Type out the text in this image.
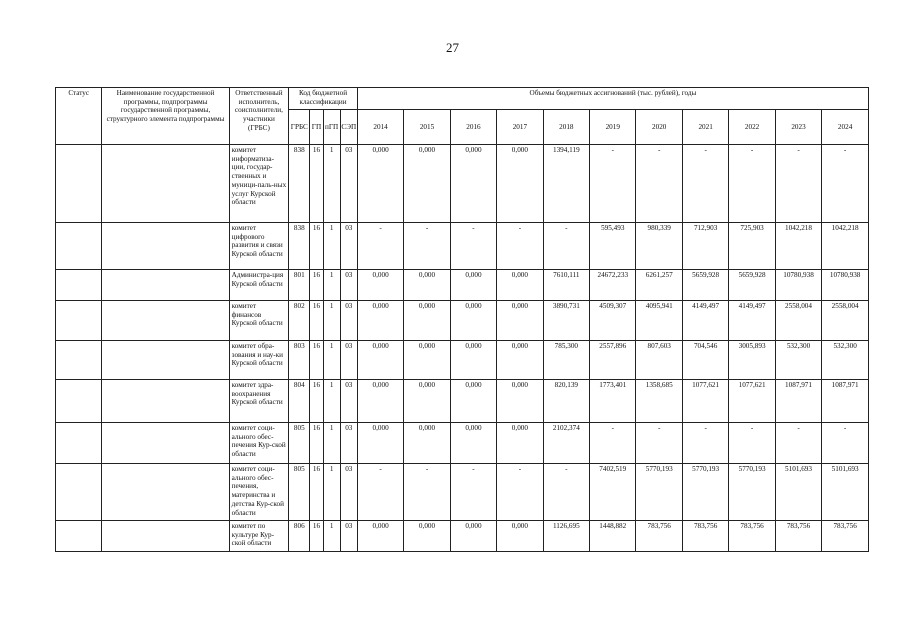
27
Статус	Наименование государственной программы, подпрограммы государственной программы, структурного элемента подпрограммы	Ответственный исполнитель, соисполнители, участники (ГРБС)	Код бюджетной классификации				Объемы бюджетных ассигнований (тыс. рублей), годы										
			ГРБС	ГП	пГП	СЭП	2014	2015	2016	2017	2018	2019	2020	2021	2022	2023	2024
		комитет информатиза-ции, государ-ственных и муници-паль-ных услуг Курской области	838	16	1	03	0,000	0,000	0,000	0,000	1394,119	-	-	-	-	-	-
		комитет цифрового развития и связи Курской области	838	16	1	03	-	-	-	-	-	595,493	980,339	712,903	725,903	1042,218	1042,218
		Администра-ция Курской области	801	16	1	03	0,000	0,000	0,000	0,000	7610,111	24672,233	6261,257	5659,928	5659,928	10780,938	10780,938
		комитет финансов Курской области	802	16	1	03	0,000	0,000	0,000	0,000	3890,731	4509,307	4095,941	4149,497	4149,497	2558,004	2558,004
		комитет обра-зования и нау-ки Курской области	803	16	1	03	0,000	0,000	0,000	0,000	785,300	2557,896	807,603	704,546	3005,893	532,300	532,300
		комитет здра-воохранения Курской области	804	16	1	03	0,000	0,000	0,000	0,000	820,139	1773,401	1358,685	1077,621	1077,621	1087,971	1087,971
		комитет соци-ального обес-печения Кур-ской области	805	16	1	03	0,000	0,000	0,000	0,000	2102,374	-	-	-	-	-	-
		комитет соци-ального обес-печения, материнства и детства Кур-ской области	805	16	1	03	-	-	-	-	-	7402,519	5770,193	5770,193	5770,193	5101,693	5101,693
		комитет по культуре Кур-ской области	806	16	1	03	0,000	0,000	0,000	0,000	1126,695	1448,882	783,756	783,756	783,756	783,756	783,756
